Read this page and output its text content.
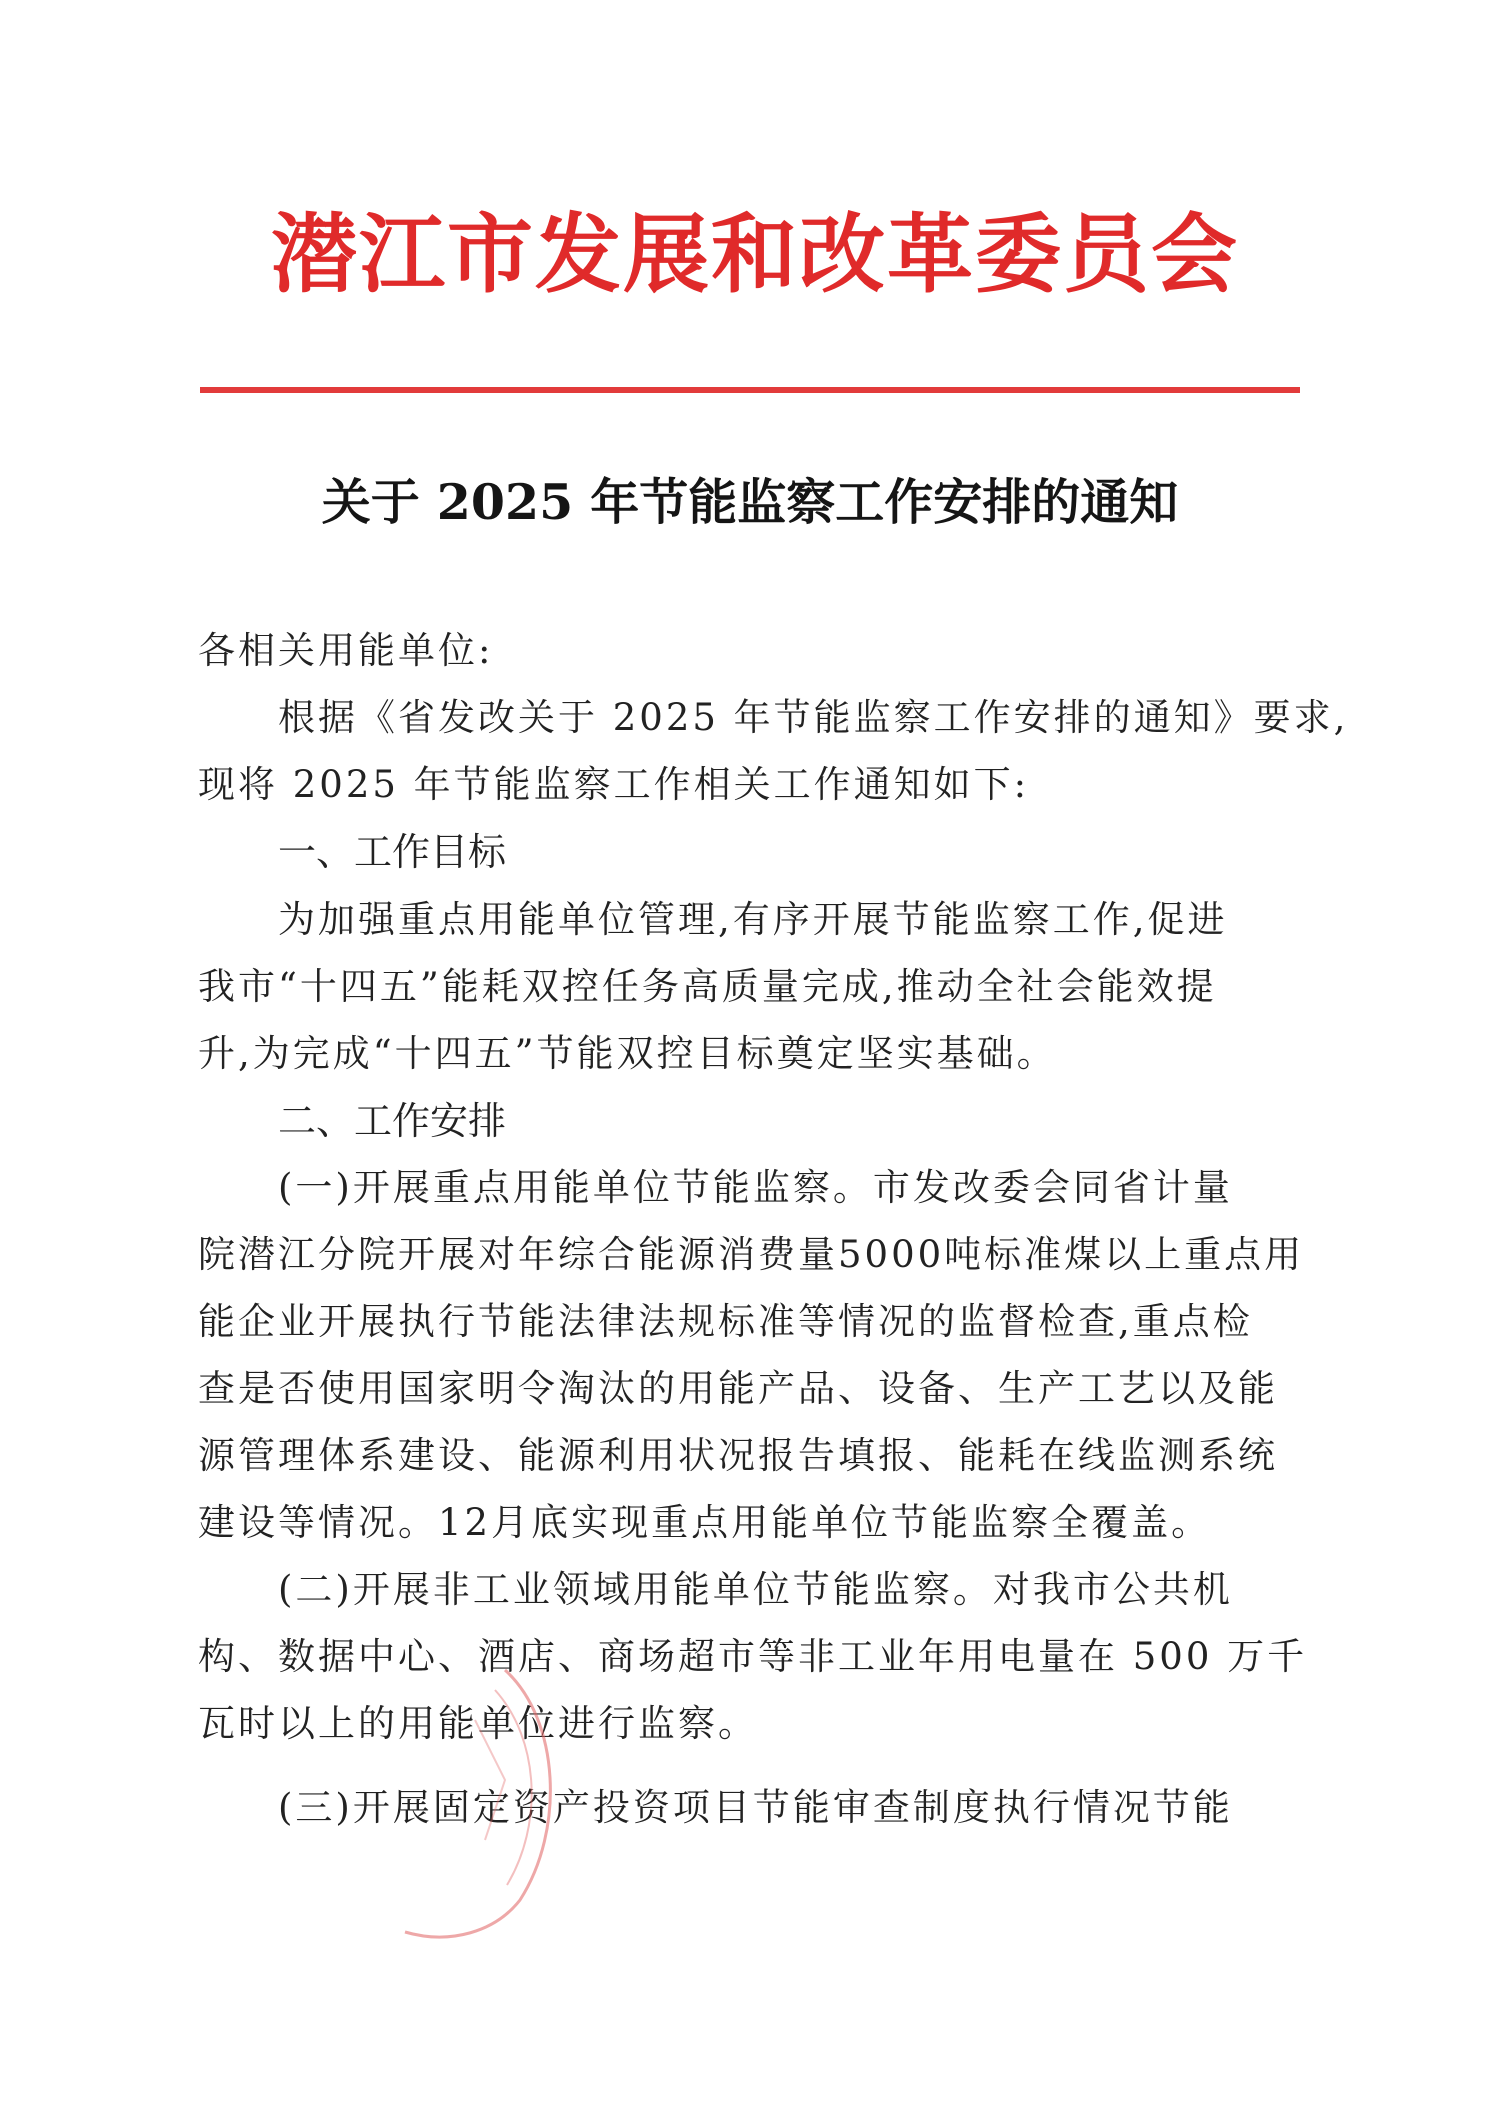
潜江市发展和改革委员会
关于 2025 年节能监察工作安排的通知
各相关用能单位:
根据《省发改关于 2025 年节能监察工作安排的通知》要求,
现将 2025 年节能监察工作相关工作通知如下:
一、工作目标
为加强重点用能单位管理,有序开展节能监察工作,促进
我市“十四五”能耗双控任务高质量完成,推动全社会能效提
升,为完成“十四五”节能双控目标奠定坚实基础。
二、工作安排
(一)开展重点用能单位节能监察。市发改委会同省计量
院潜江分院开展对年综合能源消费量5000吨标准煤以上重点用
能企业开展执行节能法律法规标准等情况的监督检查,重点检
查是否使用国家明令淘汰的用能产品、设备、生产工艺以及能
源管理体系建设、能源利用状况报告填报、能耗在线监测系统
建设等情况。12月底实现重点用能单位节能监察全覆盖。
(二)开展非工业领域用能单位节能监察。对我市公共机
构、数据中心、酒店、商场超市等非工业年用电量在 500 万千
瓦时以上的用能单位进行监察。
(三)开展固定资产投资项目节能审查制度执行情况节能
